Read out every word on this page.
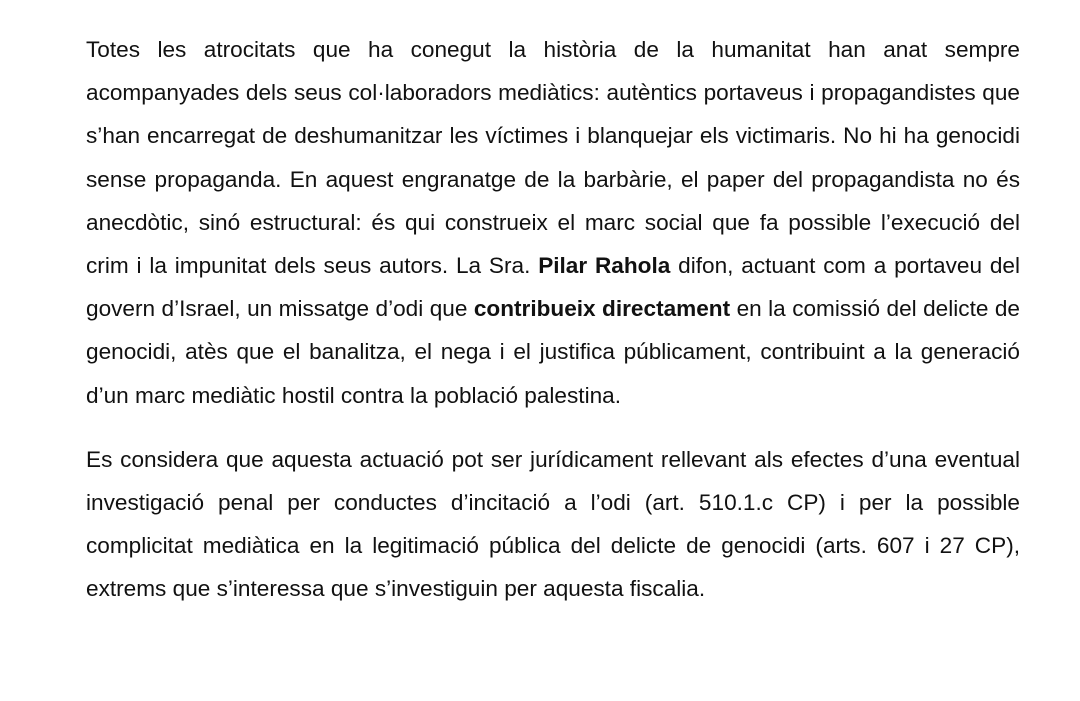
Totes les atrocitats que ha conegut la història de la humanitat han anat sempre acompanyades dels seus col·laboradors mediàtics: autèntics portaveus i propagandistes que s’han encarregat de deshumanitzar les víctimes i blanquejar els victimaris. No hi ha genocidi sense propaganda. En aquest engranatge de la barbàrie, el paper del propagandista no és anecdòtic, sinó estructural: és qui construeix el marc social que fa possible l’execució del crim i la impunitat dels seus autors. La Sra. Pilar Rahola difon, actuant com a portaveu del govern d’Israel, un missatge d’odi que contribueix directament en la comissió del delicte de genocidi, atès que el banalitza, el nega i el justifica públicament, contribuint a la generació d’un marc mediàtic hostil contra la població palestina.

Es considera que aquesta actuació pot ser jurídicament rellevant als efectes d’una eventual investigació penal per conductes d’incitació a l’odi (art. 510.1.c CP) i per la possible complicitat mediàtica en la legitimació pública del delicte de genocidi (arts. 607 i 27 CP), extrems que s’interessa que s’investiguin per aquesta fiscalia.
